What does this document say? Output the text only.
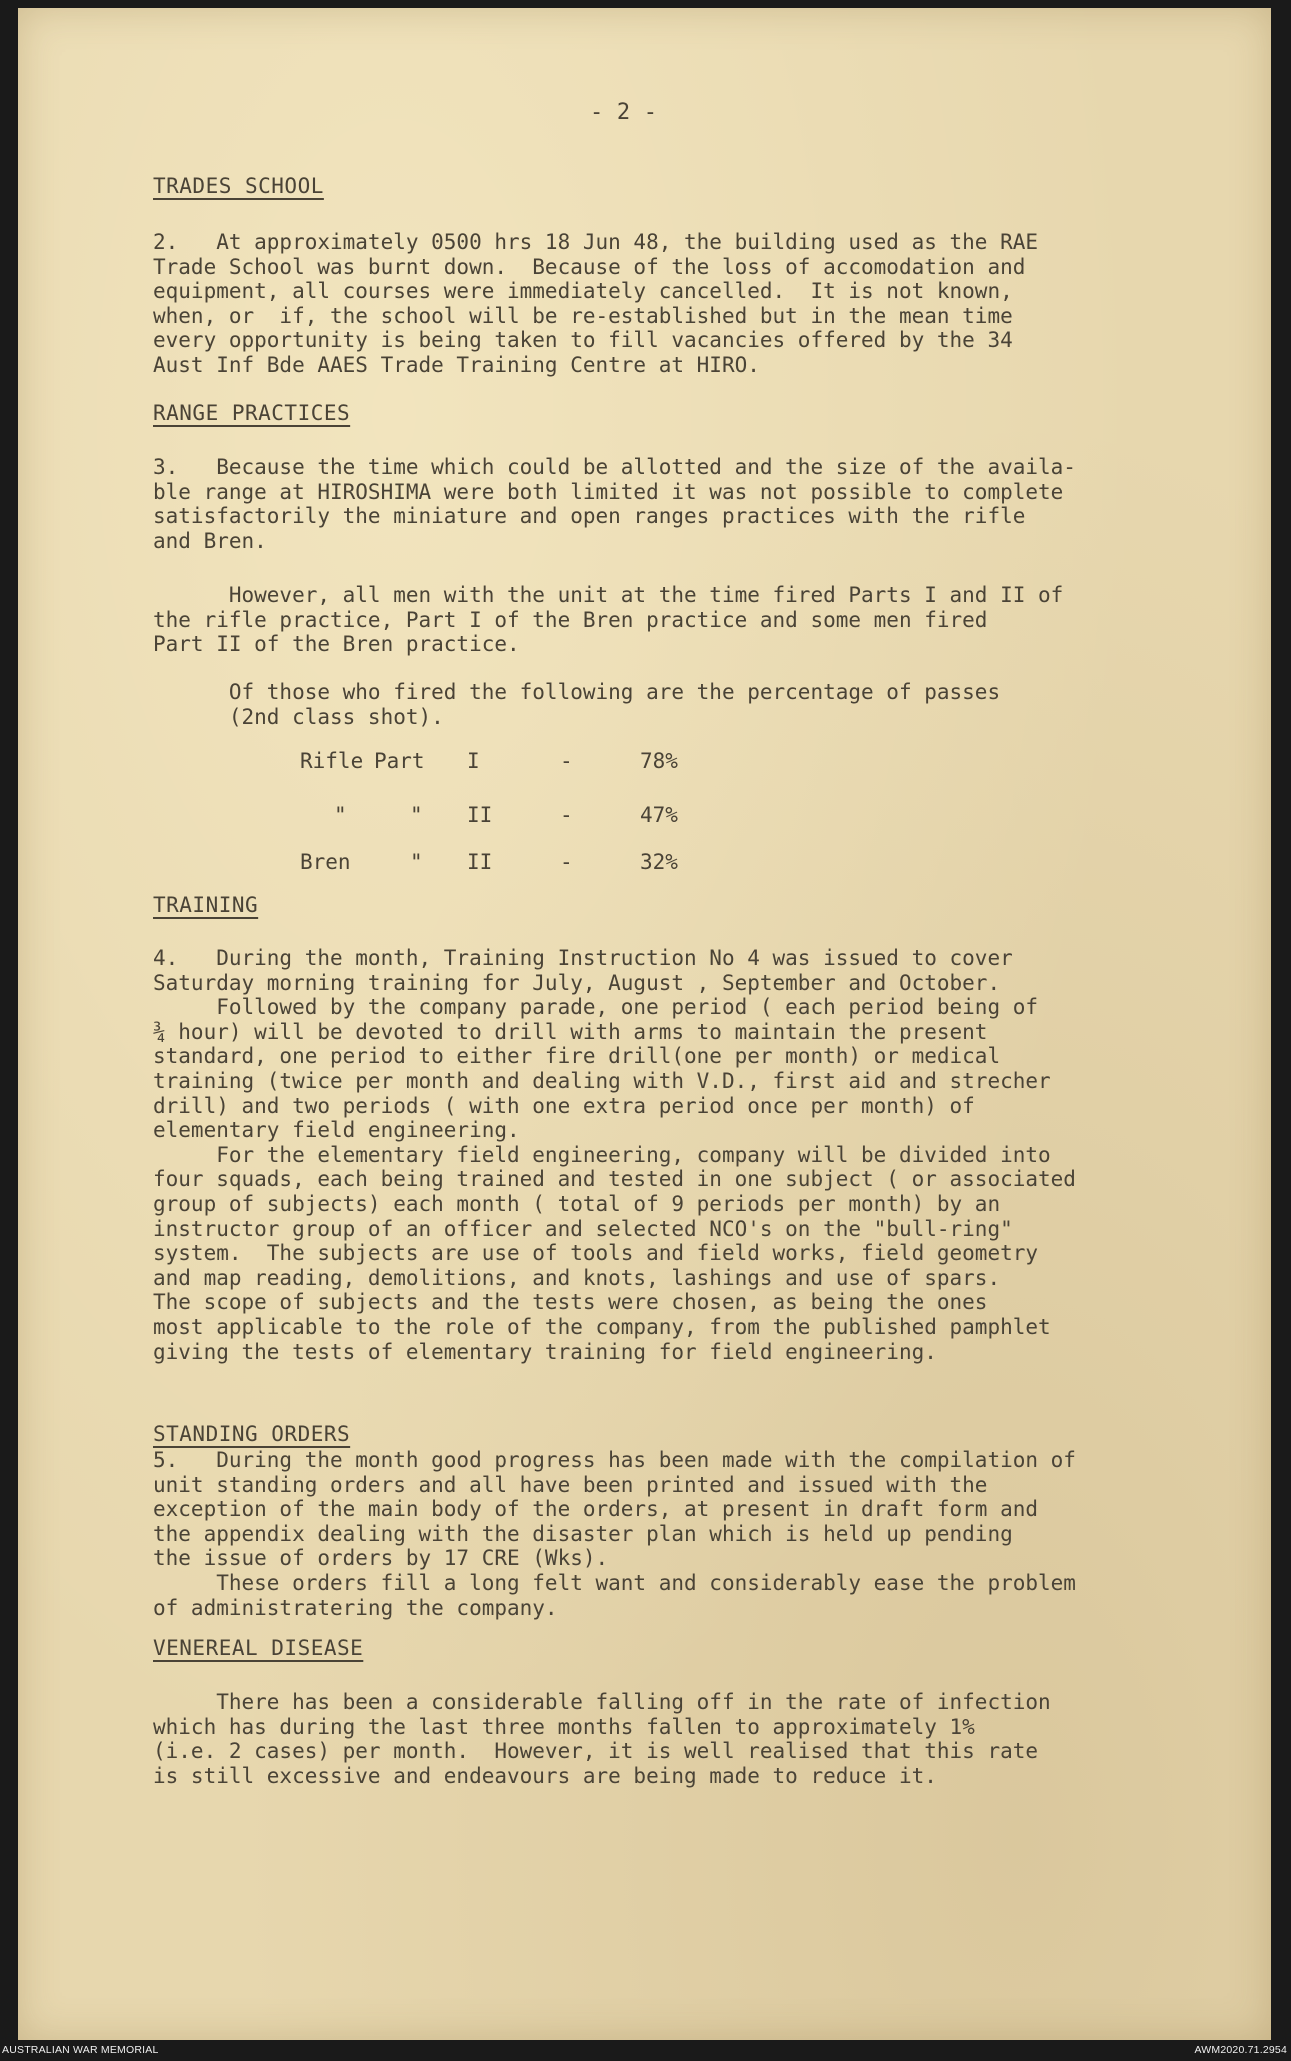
- 2 -
TRADES SCHOOL
2.   At approximately 0500 hrs 18 Jun 48, the building used as the RAE
Trade School was burnt down.  Because of the loss of accomodation and
equipment, all courses were immediately cancelled.  It is not known,
when, or  if, the school will be re-established but in the mean time
every opportunity is being taken to fill vacancies offered by the 34
Aust Inf Bde AAES Trade Training Centre at HIRO.
RANGE PRACTICES
3.   Because the time which could be allotted and the size of the availa-
ble range at HIROSHIMA were both limited it was not possible to complete
satisfactorily the miniature and open ranges practices with the rifle
and Bren.
However, all men with the unit at the time fired Parts I and II of
the rifle practice, Part I of the Bren practice and some men fired
Part II of the Bren practice.
Of those who fired the following are the percentage of passes
(2nd class shot).
Rifle Part I	-	78%
"	" II	-	47%
Bren	" II	-	32%
TRAINING
4.   During the month, Training Instruction No 4 was issued to cover
Saturday morning training for July, August , September and October.
Followed by the company parade, one period ( each period being of
¾ hour) will be devoted to drill with arms to maintain the present
standard, one period to either fire drill(one per month) or medical
training (twice per month and dealing with V.D., first aid and strecher
drill) and two periods ( with one extra period once per month) of
elementary field engineering.
For the elementary field engineering, company will be divided into
four squads, each being trained and tested in one subject ( or associated
group of subjects) each month ( total of 9 periods per month) by an
instructor group of an officer and selected NCO's on the "bull-ring"
system.  The subjects are use of tools and field works, field geometry
and map reading, demolitions, and knots, lashings and use of spars.
The scope of subjects and the tests were chosen, as being the ones
most applicable to the role of the company, from the published pamphlet
giving the tests of elementary training for field engineering.
STANDING ORDERS
5.   During the month good progress has been made with the compilation of
unit standing orders and all have been printed and issued with the
exception of the main body of the orders, at present in draft form and
the appendix dealing with the disaster plan which is held up pending
the issue of orders by 17 CRE (Wks).
These orders fill a long felt want and considerably ease the problem
of administratering the company.
VENEREAL DISEASE
There has been a considerable falling off in the rate of infection
which has during the last three months fallen to approximately 1%
(i.e. 2 cases) per month.  However, it is well realised that this rate
is still excessive and endeavours are being made to reduce it.
AUSTRALIAN WAR MEMORIAL	AWM2020.71.2954
